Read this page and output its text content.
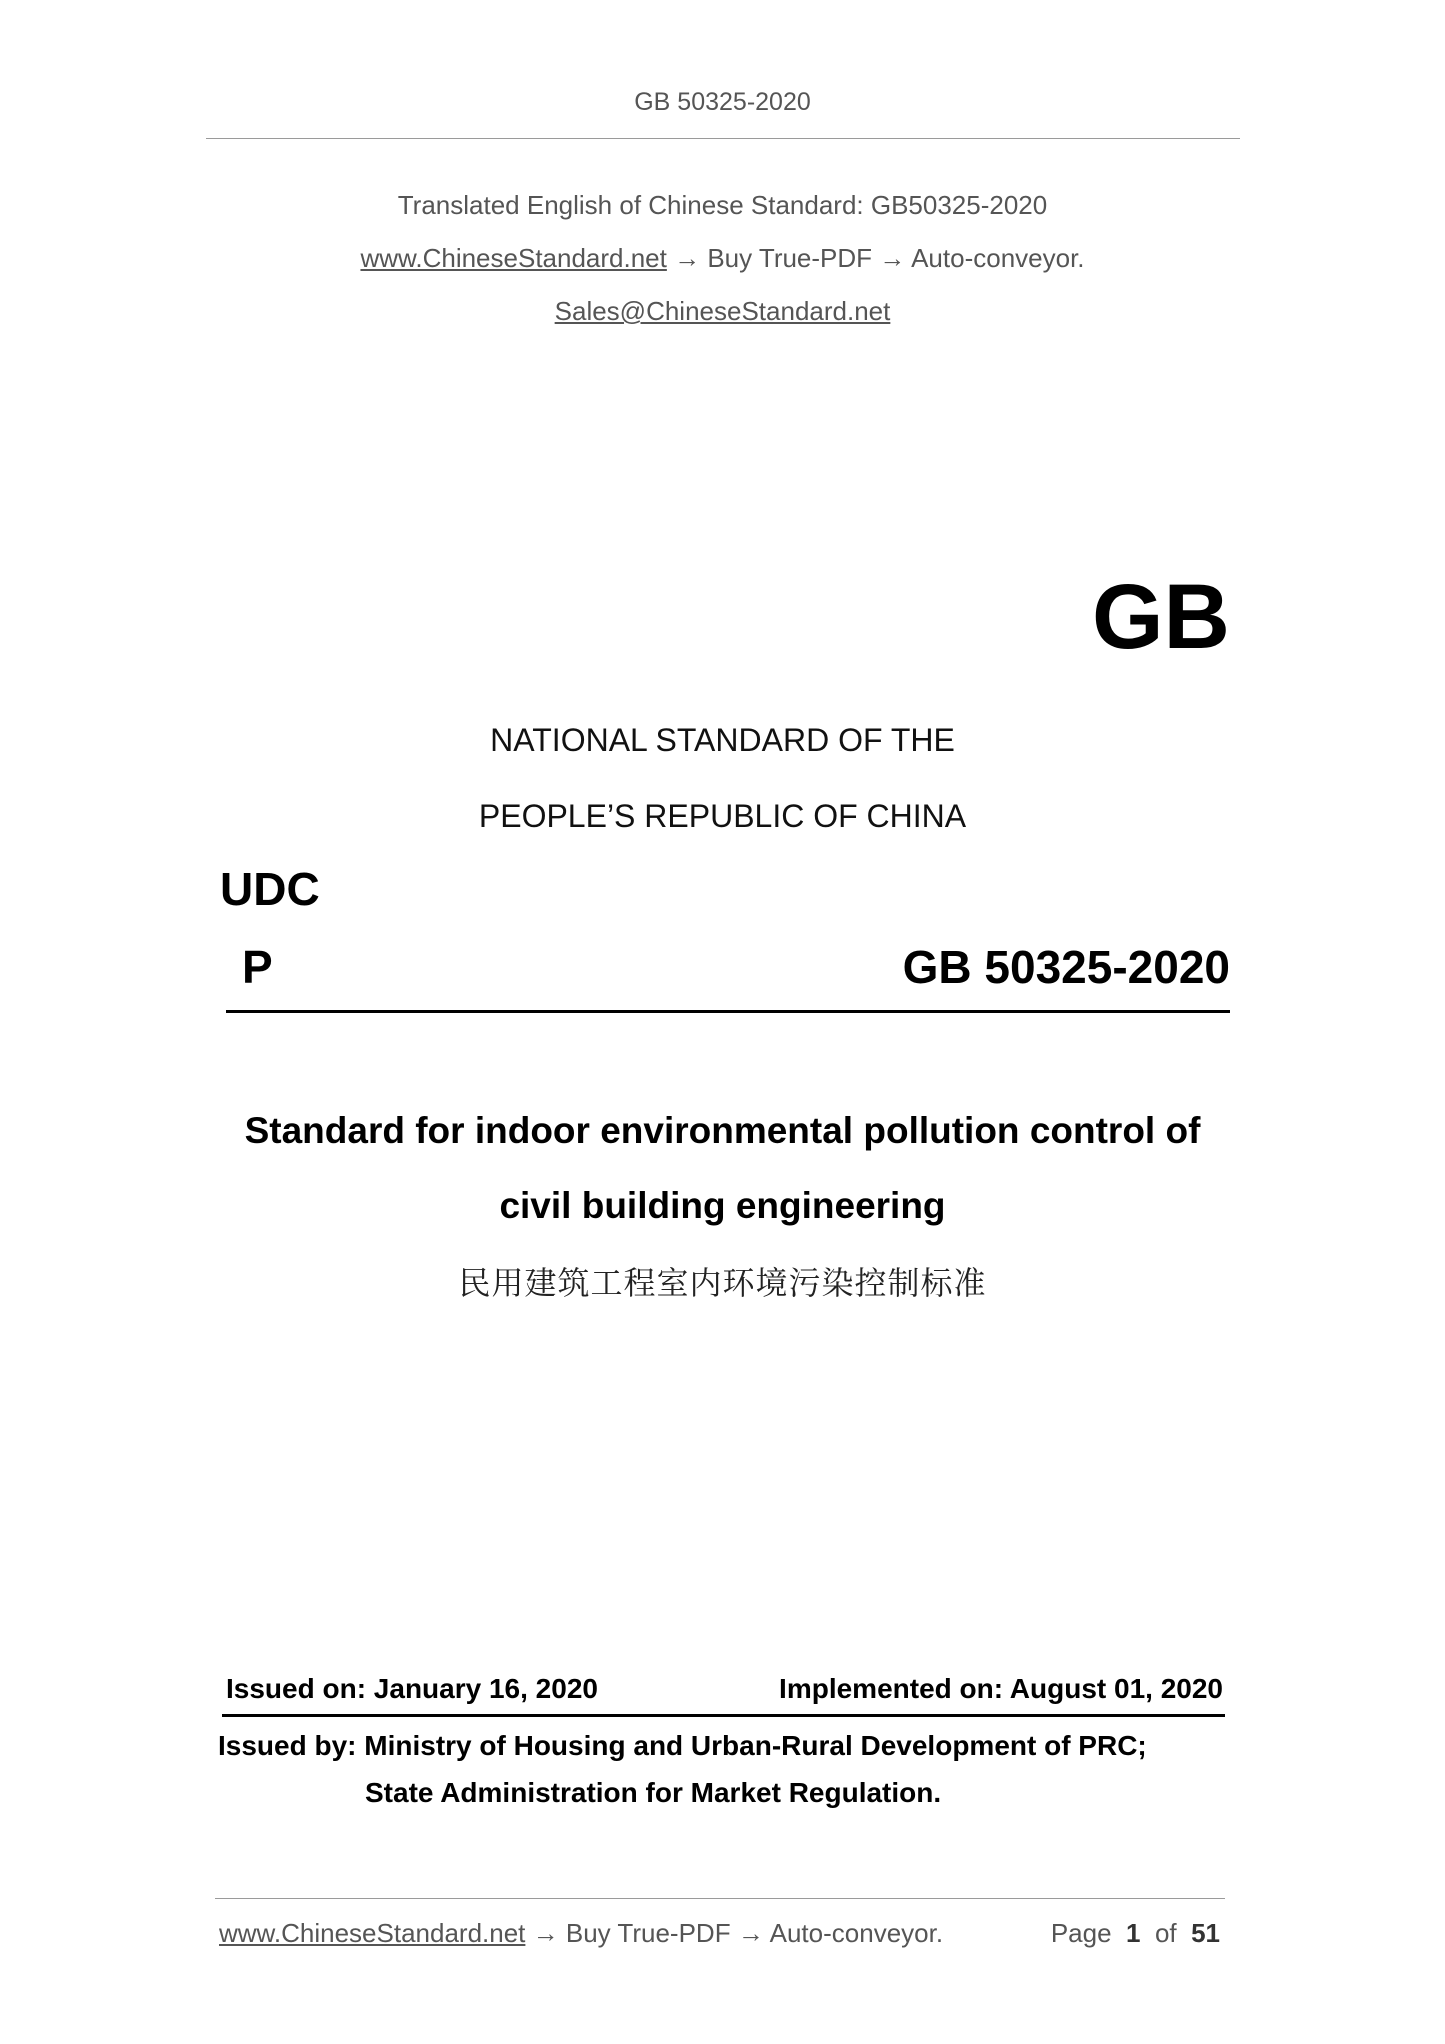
GB 50325-2020
Translated English of Chinese Standard: GB50325-2020
www.ChineseStandard.net → Buy True-PDF → Auto-conveyor.
Sales@ChineseStandard.net
GB
NATIONAL STANDARD OF THE
PEOPLE’S REPUBLIC OF CHINA
UDC
P	GB 50325-2020
Standard for indoor environmental pollution control of
civil building engineering
民用建筑工程室内环境污染控制标准
Issued on: January 16, 2020	Implemented on: August 01, 2020
Issued by: Ministry of Housing and Urban-Rural Development of PRC;
State Administration for Market Regulation.
www.ChineseStandard.net → Buy True-PDF → Auto-conveyor.	Page 1 of 51
